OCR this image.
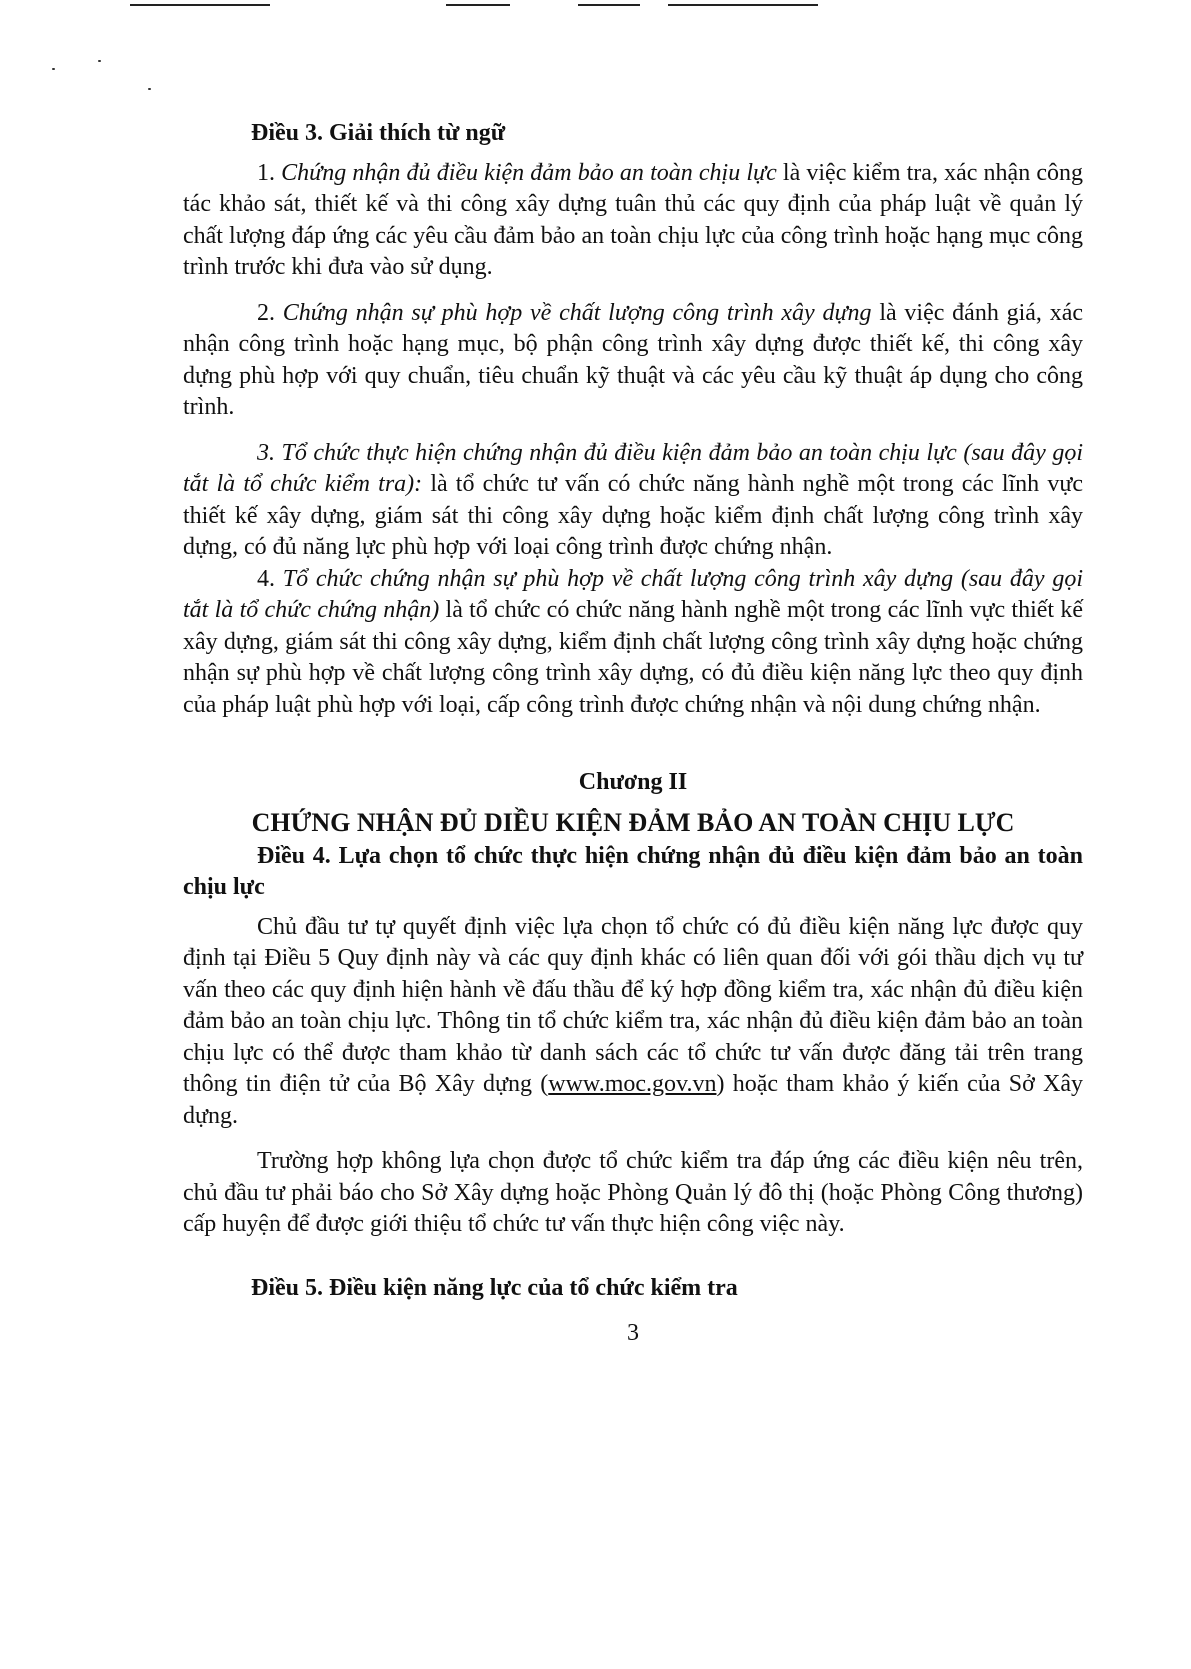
Điều 3. Giải thích từ ngữ

1. Chứng nhận đủ điều kiện đảm bảo an toàn chịu lực là việc kiểm tra, xác nhận công tác khảo sát, thiết kế và thi công xây dựng tuân thủ các quy định của pháp luật về quản lý chất lượng đáp ứng các yêu cầu đảm bảo an toàn chịu lực của công trình hoặc hạng mục công trình trước khi đưa vào sử dụng.

2. Chứng nhận sự phù hợp về chất lượng công trình xây dựng là việc đánh giá, xác nhận công trình hoặc hạng mục, bộ phận công trình xây dựng được thiết kế, thi công xây dựng phù hợp với quy chuẩn, tiêu chuẩn kỹ thuật và các yêu cầu kỹ thuật áp dụng cho công trình.

3. Tổ chức thực hiện chứng nhận đủ điều kiện đảm bảo an toàn chịu lực (sau đây gọi tắt là tổ chức kiểm tra): là tổ chức tư vấn có chức năng hành nghề một trong các lĩnh vực thiết kế xây dựng, giám sát thi công xây dựng hoặc kiểm định chất lượng công trình xây dựng, có đủ năng lực phù hợp với loại công trình được chứng nhận.

4. Tổ chức chứng nhận sự phù hợp về chất lượng công trình xây dựng (sau đây gọi tắt là tổ chức chứng nhận) là tổ chức có chức năng hành nghề một trong các lĩnh vực thiết kế xây dựng, giám sát thi công xây dựng, kiểm định chất lượng công trình xây dựng hoặc chứng nhận sự phù hợp về chất lượng công trình xây dựng, có đủ điều kiện năng lực theo quy định của pháp luật phù hợp với loại, cấp công trình được chứng nhận và nội dung chứng nhận.

Chương II

CHỨNG NHẬN ĐỦ DIỀU KIỆN ĐẢM BẢO AN TOÀN CHỊU LỰC

Điều 4. Lựa chọn tổ chức thực hiện chứng nhận đủ điều kiện đảm bảo an toàn chịu lực

Chủ đầu tư tự quyết định việc lựa chọn tổ chức có đủ điều kiện năng lực được quy định tại Điều 5 Quy định này và các quy định khác có liên quan đối với gói thầu dịch vụ tư vấn theo các quy định hiện hành về đấu thầu để ký hợp đồng kiểm tra, xác nhận đủ điều kiện đảm bảo an toàn chịu lực. Thông tin tổ chức kiểm tra, xác nhận đủ điều kiện đảm bảo an toàn chịu lực có thể được tham khảo từ danh sách các tổ chức tư vấn được đăng tải trên trang thông tin điện tử của Bộ Xây dựng (www.moc.gov.vn) hoặc tham khảo ý kiến của Sở Xây dựng.

Trường hợp không lựa chọn được tổ chức kiểm tra đáp ứng các điều kiện nêu trên, chủ đầu tư phải báo cho Sở Xây dựng hoặc Phòng Quản lý đô thị (hoặc Phòng Công thương) cấp huyện để được giới thiệu tổ chức tư vấn thực hiện công việc này.

Điều 5. Điều kiện năng lực của tổ chức kiểm tra

3
